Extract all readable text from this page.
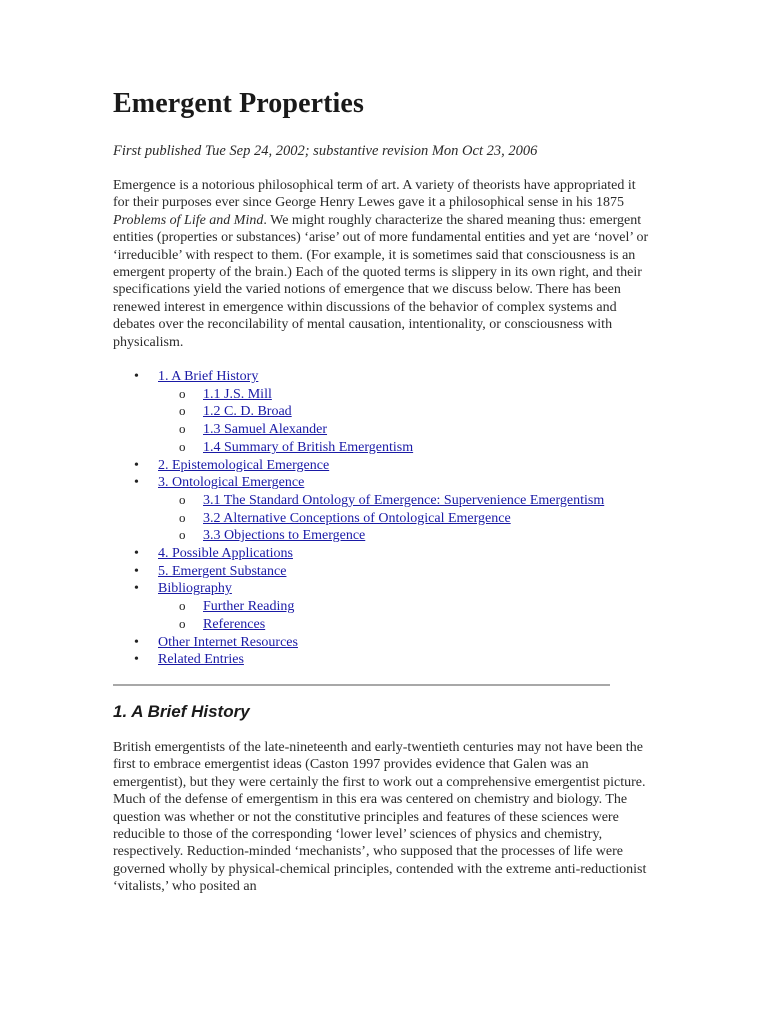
Emergent Properties

First published Tue Sep 24, 2002; substantive revision Mon Oct 23, 2006

Emergence is a notorious philosophical term of art. A variety of theorists have appropriated it for their purposes ever since George Henry Lewes gave it a philosophical sense in his 1875 Problems of Life and Mind. We might roughly characterize the shared meaning thus: emergent entities (properties or substances) ‘arise’ out of more fundamental entities and yet are ‘novel’ or ‘irreducible’ with respect to them. (For example, it is sometimes said that consciousness is an emergent property of the brain.) Each of the quoted terms is slippery in its own right, and their specifications yield the varied notions of emergence that we discuss below. There has been renewed interest in emergence within discussions of the behavior of complex systems and debates over the reconcilability of mental causation, intentionality, or consciousness with physicalism.

• 1. A Brief History
o 1.1 J.S. Mill
o 1.2 C. D. Broad
o 1.3 Samuel Alexander
o 1.4 Summary of British Emergentism
• 2. Epistemological Emergence
• 3. Ontological Emergence
o 3.1 The Standard Ontology of Emergence: Supervenience Emergentism
o 3.2 Alternative Conceptions of Ontological Emergence
o 3.3 Objections to Emergence
• 4. Possible Applications
• 5. Emergent Substance
• Bibliography
o Further Reading
o References
• Other Internet Resources
• Related Entries
1. A Brief History

British emergentists of the late-nineteenth and early-twentieth centuries may not have been the first to embrace emergentist ideas (Caston 1997 provides evidence that Galen was an emergentist), but they were certainly the first to work out a comprehensive emergentist picture. Much of the defense of emergentism in this era was centered on chemistry and biology. The question was whether or not the constitutive principles and features of these sciences were reducible to those of the corresponding ‘lower level’ sciences of physics and chemistry, respectively. Reduction-minded ‘mechanists’, who supposed that the processes of life were governed wholly by physical-chemical principles, contended with the extreme anti-reductionist ‘vitalists,’ who posited an
